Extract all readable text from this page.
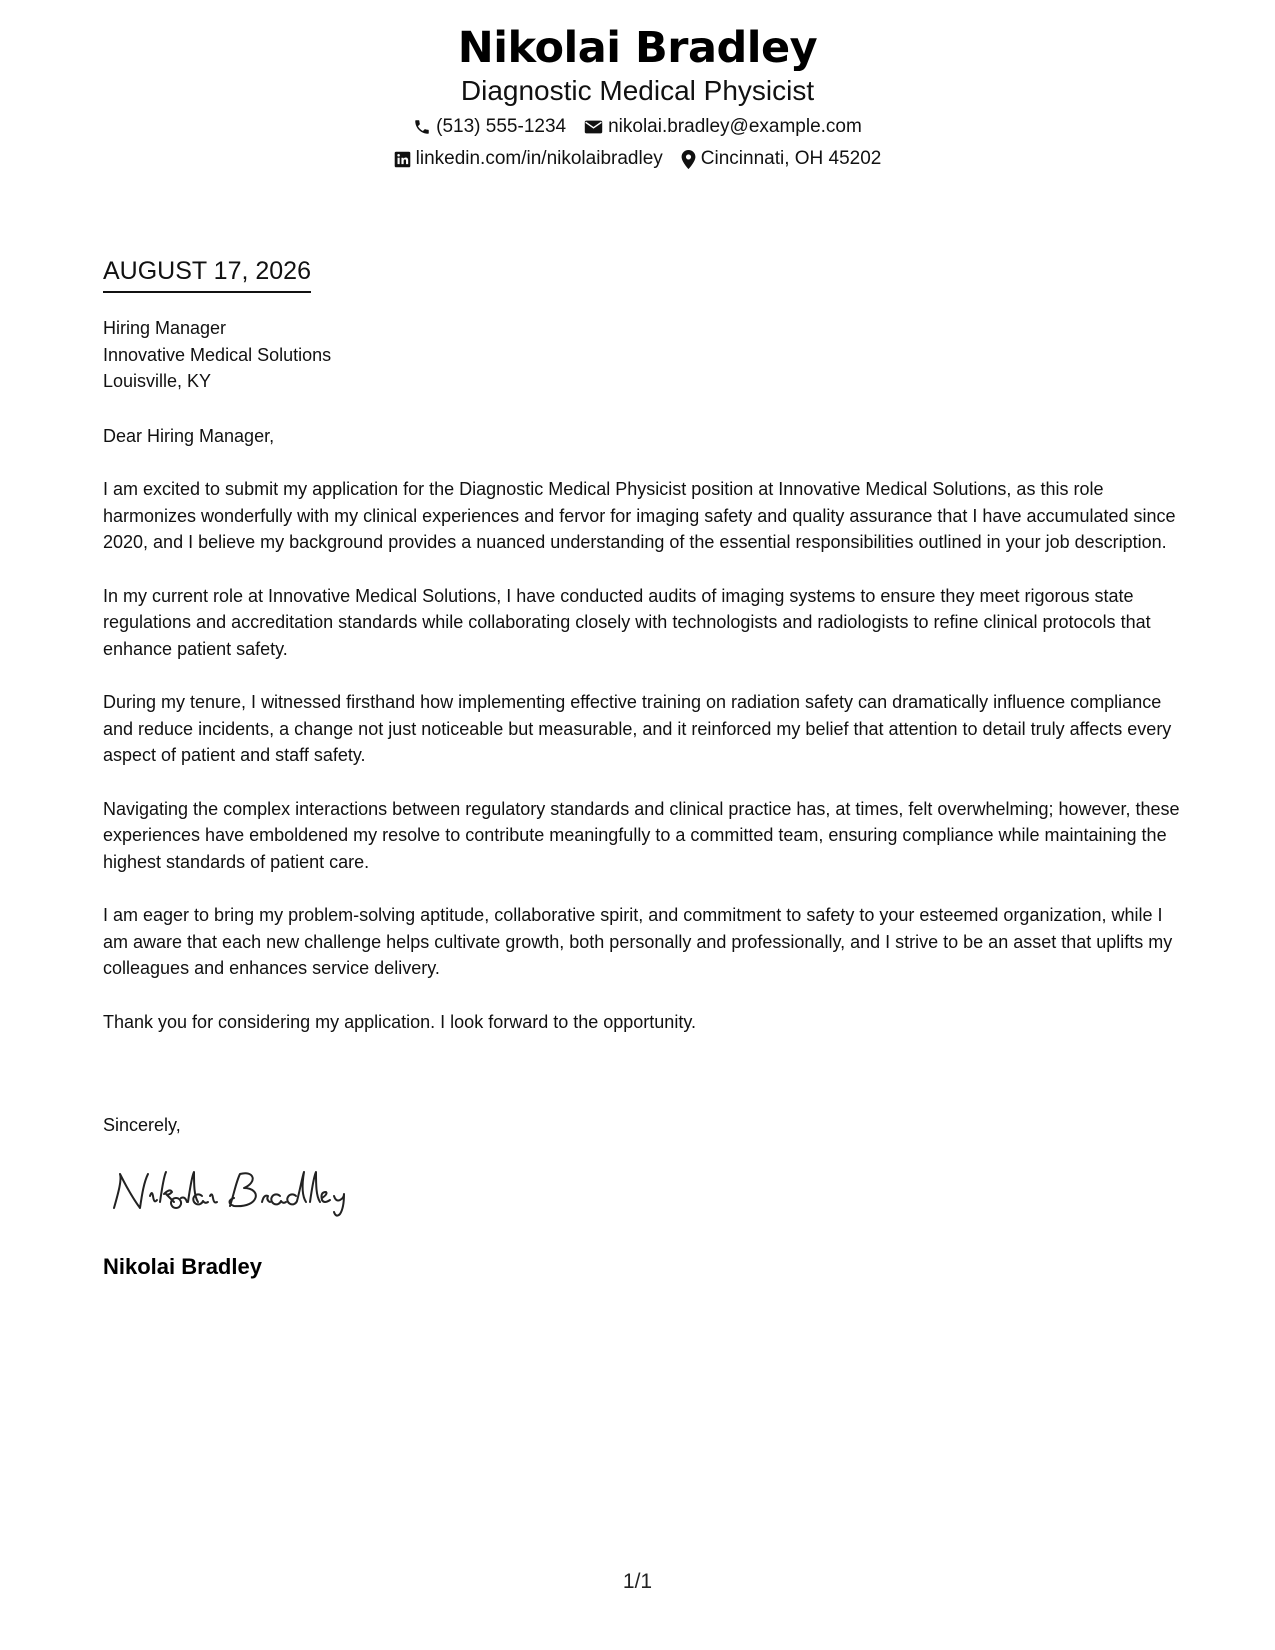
Nikolai Bradley
Diagnostic Medical Physicist
(513) 555-1234 nikolai.bradley@example.com
linkedin.com/in/nikolaibradley Cincinnati, OH 45202
AUGUST 17, 2026
Hiring Manager
Innovative Medical Solutions
Louisville, KY
Dear Hiring Manager,
I am excited to submit my application for the Diagnostic Medical Physicist position at Innovative Medical Solutions, as this role harmonizes wonderfully with my clinical experiences and fervor for imaging safety and quality assurance that I have accumulated since 2020, and I believe my background provides a nuanced understanding of the essential responsibilities outlined in your job description.
In my current role at Innovative Medical Solutions, I have conducted audits of imaging systems to ensure they meet rigorous state regulations and accreditation standards while collaborating closely with technologists and radiologists to refine clinical protocols that enhance patient safety.
During my tenure, I witnessed firsthand how implementing effective training on radiation safety can dramatically influence compliance and reduce incidents, a change not just noticeable but measurable, and it reinforced my belief that attention to detail truly affects every aspect of patient and staff safety.
Navigating the complex interactions between regulatory standards and clinical practice has, at times, felt overwhelming; however, these experiences have emboldened my resolve to contribute meaningfully to a committed team, ensuring compliance while maintaining the highest standards of patient care.
I am eager to bring my problem-solving aptitude, collaborative spirit, and commitment to safety to your esteemed organization, while I am aware that each new challenge helps cultivate growth, both personally and professionally, and I strive to be an asset that uplifts my colleagues and enhances service delivery.
Thank you for considering my application. I look forward to the opportunity.
Sincerely,
Nikolai Bradley
1/1
